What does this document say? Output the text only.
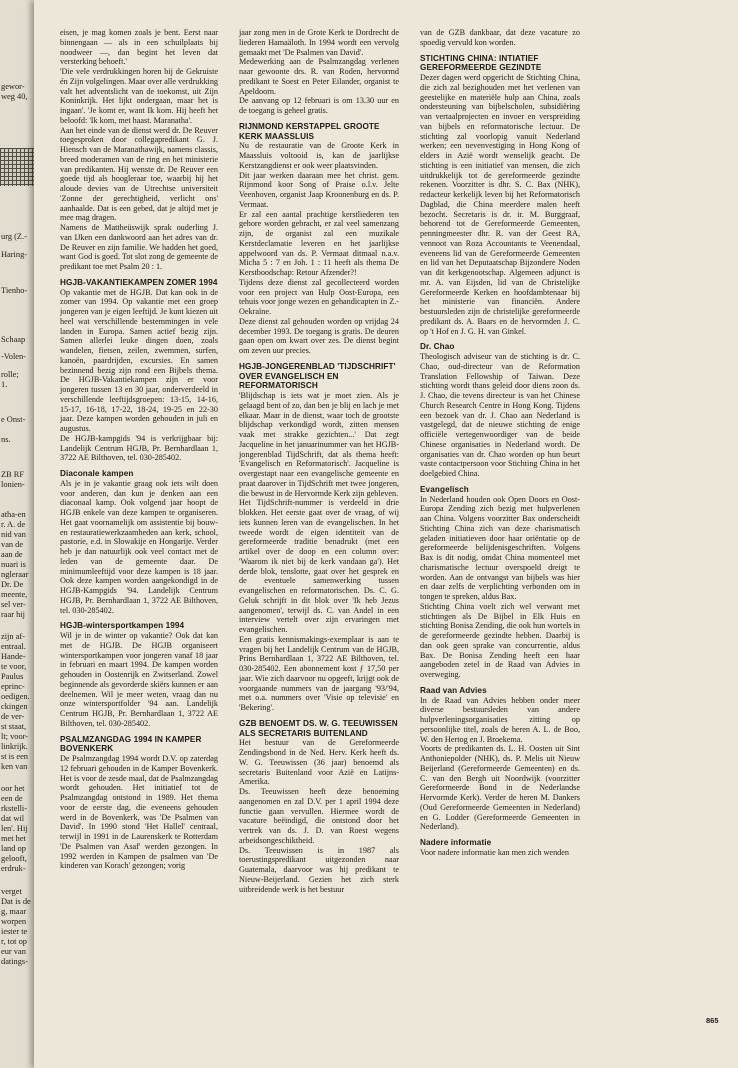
gewor-
weg 40,
urg (Z.-
Haring-
Tienho-
Schaap
-Volen-
rolle;
1.
e Onst-
ns.
ZB RF
lonien-
atha-en
r. A. de
nid van
van de
aan de
nuari is
ngleraar
Dr. De
meente,
sel ver-
raar hij
zijn af-
entraal.
Hande-
te voor,
Paulus
eprinc-
oedigen.
ckingen
de ver-
st staat,
lt; voor-
linkrijk.
st is een
ken van
oor het
een de
rkstelli-
dat wil
len'. Hij
met het
land op
gelooft,
erdruk-
verget
Dat is de
g, maar
worpen
iester te
r, tot op
eur van
datings-

eisen, je mag komen zoals je bent. Eerst naar binnengaan — als in een schuilplaats bij noodweer —, dan begint het leven dat versterking behoeft.'

'Die vele verdrukkingen horen bij de Gekruiste én Zijn volgelingen. Maar over alle verdrukking valt het adventslicht van de toekomst, uit Zijn Koninkrijk. Het lijkt ondergaan, maar het is ingaan'. 'Je komt er, want Ik kom. Hij heeft het beloofd: 'Ik kom, met haast. Maranatha'.

Aan het einde van de dienst werd dr. De Reuver toegesproken door collegapredikant G. J. Hiensch van de Maranathawijk, namens classis, breed moderamen van de ring en het ministerie van predikanten. Hij wenste dr. De Reuver een goede tijd als hoogleraar toe, waarbij hij het aloude devies van de Utrechtse universiteit 'Zonne der gerechtigheid, verlicht ons' aanhaalde. Dat is een gebed, dat je altijd met je mee mag dragen.

Namens de Mattheüswijk sprak ouderling J. van IJken een dankwoord aan het adres van dr. De Reuver en zijn familie. We hadden het goed, want God is goed. Tot slot zong de gemeente de predikant toe met Psalm 20 : 1.

HGJB-VAKANTIEKAMPEN ZOMER 1994

Op vakantie met de HGJB. Dat kan ook in de zomer van 1994. Op vakantie met een groep jongeren van je eigen leeftijd. Je kunt kiezen uit heel wat verschillende bestemmingen in vele landen in Europa. Samen actief bezig zijn. Samen allerlei leuke dingen doen, zoals wandelen, fietsen, zeilen, zwemmen, surfen, kanoën, paardrijden, excursies. En samen bezinnend bezig zijn rond een Bijbels thema. De HGJB-Vakantiekampen zijn er voor jongeren tussen 13 en 30 jaar, onderverdeeld in verschillende leeftijdsgroepen: 13-15, 14-16, 15-17, 16-18, 17-22, 18-24, 19-25 en 22-30 jaar. Deze kampen worden gehouden in juli en augustus.

De HGJB-kampgids '94 is verkrijgbaar bij: Landelijk Centrum HGJB, Pr. Bernhardlaan 1, 3722 AE Bilthoven, tel. 030-285402.

Diaconale kampen

Als je in je vakantie graag ook iets wilt doen voor anderen, dan kun je denken aan een diaconaal kamp. Ook volgend jaar hoopt de HGJB enkele van deze kampen te organiseren. Het gaat voornamelijk om assistentie bij bouw- en restauratiewerkzaamheden aan kerk, school, pastorie, e.d. in Slowakije en Hongarije. Verder heb je dan natuurlijk ook veel contact met de leden van de gemeente daar. De minimumleeftijd voor deze kampen is 18 jaar. Ook deze kampen worden aangekondigd in de HGJB-Kampgids '94. Landelijk Centrum HGJB, Pr. Bernhardlaan 1, 3722 AE Bilthoven, tel. 030-285402.

HGJB-wintersportkampen 1994

Wil je in de winter op vakantie? Ook dat kan met de HGJB. De HGJB organiseert wintersportkampen voor jongeren vanaf 18 jaar in februari en maart 1994. De kampen worden gehouden in Oostenrijk en Zwitserland. Zowel beginnende als gevorderde skiërs kunnen er aan deelnemen. Wil je meer weten, vraag dan nu onze wintersportfolder '94 aan. Landelijk Centrum HGJB, Pr. Bernhardlaan 1, 3722 AE Bilthoven, tel. 030-285402.

PSALMZANGDAG 1994 IN KAMPER BOVENKERK

De Psalmzangdag 1994 wordt D.V. op zaterdag 12 februari gehouden in de Kamper Bovenkerk. Het is voor de zesde maal, dat de Psalmzangdag wordt gehouden. Het initiatief tot de Psalmzangdag ontstond in 1989. Het thema voor de eerste dag, die eveneens gehouden werd in de Bovenkerk, was 'De Psalmen van David'. In 1990 stond 'Het Hallel' centraal, terwijl in 1991 in de Laurenskerk te Rotterdam 'De Psalmen van Asaf' werden gezongen. In 1992 werden in Kampen de psalmen van 'De kinderen van Korach' gezongen; vorig

jaar zong men in de Grote Kerk te Dordrecht de liederen Hamaäloth. In 1994 wordt een vervolg gemaakt met 'De Psalmen van David'.

Medewerking aan de Psalmzangdag verlenen naar gewoonte drs. R. van Roden, hervormd predikant te Soest en Peter Eilander, organist te Apeldoorn.

De aanvang op 12 februari is om 13.30 uur en de toegang is geheel gratis.

RIJNMOND KERSTAPPEL GROOTE KERK MAASSLUIS

Nu de restauratie van de Groote Kerk in Maassluis voltooid is, kan de jaarlijkse Kerstzangdienst er ook weer plaatsvinden.

Dit jaar werken daaraan mee het christ. gem. Rijnmond koor Song of Praise o.l.v. Jelte Veenhoven, organist Jaap Kroonenburg en ds. P. Vermaat.

Er zal een aantal prachtige kerstliederen ten gehore worden gebracht, er zal veel samenzang zijn, de organist zal een muzikale Kerstdeclamatie leveren en het jaarlijkse appelwoord van ds. P. Vermaat ditmaal n.a.v. Micha 5 : 7 en Joh. 1 : 11 heeft als thema De Kerstboodschap: Retour Afzender?!

Tijdens deze dienst zal gecollecteerd worden voor een project van Hulp Oost-Europa, een tehuis voor jonge wezen en gehandicapten in Z.-Oekraïne.

Deze dienst zal gehouden worden op vrijdag 24 december 1993. De toegang is gratis. De deuren gaan open om kwart over zes. De dienst begint om zeven uur precies.

HGJB-JONGERENBLAD 'TIJDSCHRIFT' OVER EVANGELISCH EN REFORMATORISCH

'Blijdschap is iets wat je moet zien. Als je gelaagd bent of zo, dan ben je blij en lach je met elkaar. Maar in de dienst, waar toch de grootste blijdschap verkondigd wordt, zitten mensen vaak met strakke gezichten...' Dat zegt Jacqueline in het januarinummer van het HGJB-jongerenblad TijdSchrift, dat als thema heeft: 'Evangelisch en Reformatorisch'. Jacqueline is overgestapt naar een evangelische gemeente en praat daarover in TijdSchrift met twee jongeren, die bewust in de Hervormde Kerk zijn gebleven.

Het TijdSchrift-nummer is verdeeld in drie blokken. Het eerste gaat over de vraag, of wij iets kunnen leren van de evangelischen. In het tweede wordt de eigen identiteit van de gereformeerde traditie benadrukt (met een artikel over de doop en een column over: 'Waarom ik niet bij de kerk vandaan ga'). Het derde blok, tenslotte, gaat over het gesprek en de eventuele samenwerking tussen evangelischen en reformatorischen. Ds. C. G. Geluk schrijft in dit blok over 'Ik heb Jezus aangenomen', terwijl ds. C. van Andel in een interview vertelt over zijn ervaringen met evangelischen.

Een gratis kennismakings-exemplaar is aan te vragen bij het Landelijk Centrum van de HGJB, Prins Bernhardlaan 1, 3722 AE Bilthoven, tel. 030-285402. Een abonnement kost ƒ 17,50 per jaar. Wie zich daarvoor nu opgeeft, krijgt ook de voorgaande nummers van de jaargang '93/'94, met o.a. nummers over 'Visie op televisie' en 'Bekering'.

GZB BENOEMT DS. W. G. TEEUWISSEN ALS SECRETARIS BUITENLAND

Het bestuur van de Gereformeerde Zendingsbond in de Ned. Herv. Kerk heeft ds. W. G. Teeuwissen (36 jaar) benoemd als secretaris Buitenland voor Azië en Latijns-Amerika.

Ds. Teeuwissen heeft deze benoeming aangenomen en zal D.V. per 1 april 1994 deze functie gaan vervullen. Hiermee wordt de vacature beëindigd, die ontstond door het vertrek van ds. J. D. van Roest wegens arbeidsongeschiktheid.

Ds. Teeuwissen is in 1987 als toerustingspredikant uitgezonden naar Guatemala, daarvoor was hij predikant te Nieuw-Beijerland. Gezien het zich sterk uitbreidende werk is het bestuur

van de GZB dankbaar, dat deze vacature zo spoedig vervuld kon worden.

STICHTING CHINA: INTIATIEF GEREFORMEERDE GEZINDTE

Dezer dagen werd opgericht de Stichting China, die zich zal bezighouden met het verlenen van geestelijke en materiële hulp aan China, zoals ondersteuning van bijbelscholen, subsidiëring van vertaalprojecten en invoer en verspreiding van bijbels en reformatorische lectuur. De stichting zal voorlopig vanuit Nederland werken; een nevenvestiging in Hong Kong of elders in Azië wordt wenselijk geacht. De stichting is een initiatief van mensen, die zich uitdrukkelijk tot de gereformeerde gezindte rekenen. Voorzitter is dhr. S. C. Bax (NHK), redacteur kerkelijk leven bij het Reformatorisch Dagblad, die China meerdere malen heeft bezocht. Secretaris is dr. ir. M. Burggraaf, behorend tot de Gereformeerde Gemeenten, penningmeester dhr. R. van der Geest RA, vennoot van Roza Accountants te Veenendaal, eveneens lid van de Gereformeerde Gemeenten en lid van het Deputaatschap Bijzondere Noden van dit kerkgenootschap. Algemeen adjunct is mr. A. van Eijsden, lid van de Christelijke Gereformeerde Kerken en hoofdambtenaar bij het ministerie van financiën. Andere bestuursleden zijn de christelijke gereformeerde predikant ds. A. Baars en de hervormden J. C. op 't Hof en J. G. H. van Ginkel.

Dr. Chao

Theologisch adviseur van de stichting is dr. C. Chao, oud-directeur van de Reformation Translation Fellowship of Taiwan. Deze stichting wordt thans geleid door diens zoon ds. J. Chao, die tevens directeur is van het Chinese Church Research Centre in Hong Kong. Tijdens een bezoek van dr. J. Chao aan Nederland is vastgelegd, dat de nieuwe stichting de enige officiële vertegenwoordiger van de beide Chinese organisaties in Nederland wordt. De organisaties van dr. Chao worden op hun beurt vaste contactpersoon voor Stichting China in het doelgebied China.

Evangelisch

In Nederland houden ook Open Doors en Oost-Europa Zending zich bezig met hulpverlenen aan China. Volgens voorzitter Bax onderscheidt Stichting China zich van deze charismatisch geladen initiatieven door haar oriëntatie op de gereformeerde belijdenisgeschriften. Volgens Bax is dit nodig, omdat China momenteel met charismatische lectuur overspoeld dreigt te worden. Aan de ontvangst van bijbels was hier en daar zelfs de verplichting verbonden om in tongen te spreken, aldus Bax.

Stichting China voelt zich wel verwant met stichtingen als De Bijbel in Elk Huis en stichting Bonisa Zending, die ook hun wortels in de gereformeerde gezindte hebben. Daarbij is dan ook geen sprake van concurrentie, aldus Bax. De Bonisa Zending heeft een haar aangeboden zetel in de Raad van Advies in overweging.

Raad van Advies

In de Raad van Advies hebben onder meer diverse bestuursleden van andere hulpverleningsorganisaties zitting op persoonlijke titel, zoals de heren A. L. de Boo, W. den Hertog en J. Broekema.

Voorts de predikanten ds. L. H. Oosten uit Sint Anthoniepolder (NHK), ds. P. Melis uit Nieuw Beijerland (Gereformeerde Gemeenten) en ds. C. van den Bergh uit Noordwijk (voorzitter Gereformeerde Bond in de Nederlandse Hervormde Kerk). Verder de heren M. Dankers (Oud Gereformeerde Gemeenten in Nederland) en G. Lodder (Gereformeerde Gemeenten in Nederland).

Nadere informatie

Voor nadere informatie kan men zich wenden

865
